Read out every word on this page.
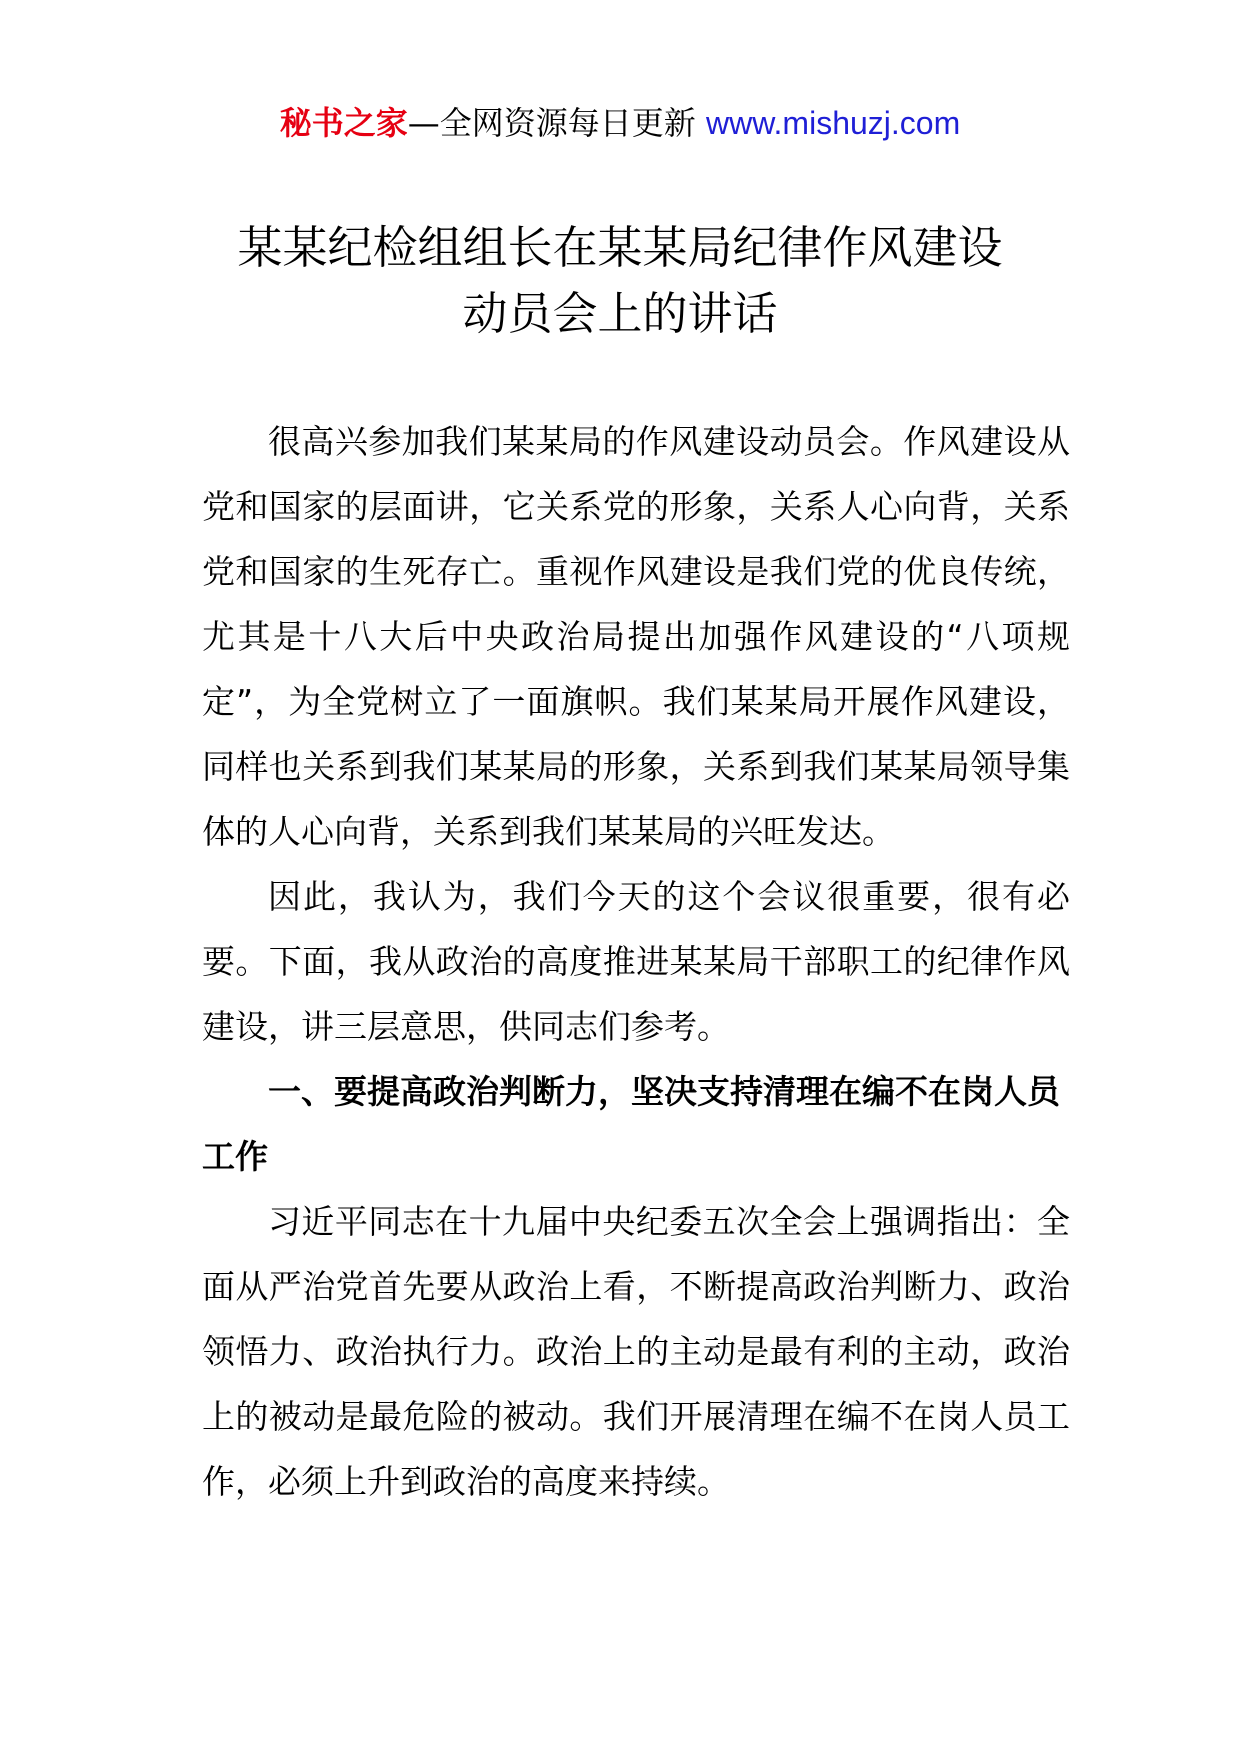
秘书之家—全网资源每日更新 www.mishuzj.com
某某纪检组组长在某某局纪律作风建设
动员会上的讲话

很高兴参加我们某某局的作风建设动员会。作风建设从党和国家的层面讲，它关系党的形象，关系人心向背，关系党和国家的生死存亡。重视作风建设是我们党的优良传统，尤其是十八大后中央政治局提出加强作风建设的“八项规定”，为全党树立了一面旗帜。我们某某局开展作风建设，同样也关系到我们某某局的形象，关系到我们某某局领导集体的人心向背，关系到我们某某局的兴旺发达。

因此，我认为，我们今天的这个会议很重要，很有必要。下面，我从政治的高度推进某某局干部职工的纪律作风建设，讲三层意思，供同志们参考。

一、要提高政治判断力，坚决支持清理在编不在岗人员工作

习近平同志在十九届中央纪委五次全会上强调指出：全面从严治党首先要从政治上看，不断提高政治判断力、政治领悟力、政治执行力。政治上的主动是最有利的主动，政治上的被动是最危险的被动。我们开展清理在编不在岗人员工作，必须上升到政治的高度来持续。
